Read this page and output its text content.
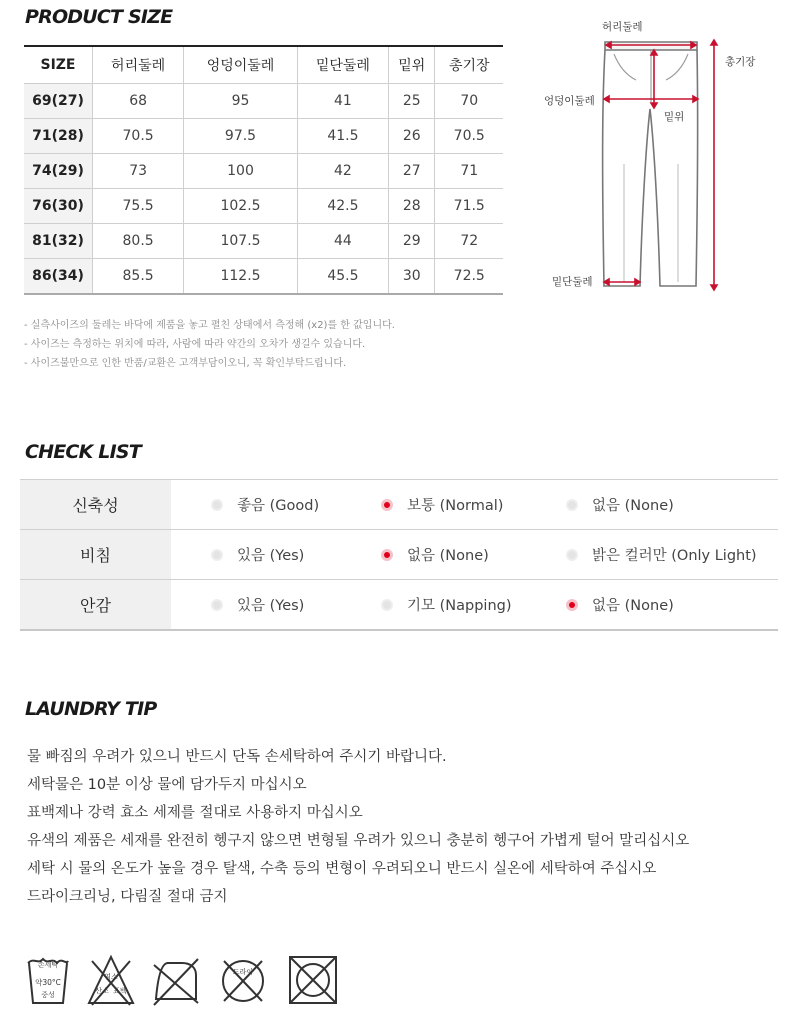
PRODUCT SIZE
SIZE	허리둘레	엉덩이둘레	밑단둘레	밑위	총기장
69(27)	68	95	41	25	70
71(28)	70.5	97.5	41.5	26	70.5
74(29)	73	100	42	27	71
76(30)	75.5	102.5	42.5	28	71.5
81(32)	80.5	107.5	44	29	72
86(34)	85.5	112.5	45.5	30	72.5
- 실측사이즈의 둘레는 바닥에 제품을 놓고 펼친 상태에서 측정해 (x2)를 한 값입니다.
- 사이즈는 측정하는 위치에 따라, 사람에 따라 약간의 오차가 생길수 있습니다.
- 사이즈불만으로 인한 반품/교환은 고객부담이오니, 꼭 확인부탁드립니다.
허리둘레
총기장
엉덩이둘레
밑위
밑단둘레
CHECK LIST
신축성	좋음 (Good)	보통 (Normal)	없음 (None)
비침	있음 (Yes)	없음 (None)	밝은 컬러만 (Only Light)
안감	있음 (Yes)	기모 (Napping)	없음 (None)
LAUNDRY TIP
물 빠짐의 우려가 있으니 반드시 단독 손세탁하여 주시기 바랍니다.
세탁물은 10분 이상 물에 담가두지 마십시오
표백제나 강력 효소 세제를 절대로 사용하지 마십시오
유색의 제품은 세재를 완전히 헹구지 않으면 변형될 우려가 있으니 충분히 헹구어 가볍게 털어 말리십시오
세탁 시 물의 온도가 높을 경우 탈색, 수축 등의 변형이 우려되오니 반드시 실온에 세탁하여 주십시오
드라이크리닝, 다림질 절대 금지
손세탁
약30°C
중성
염소
산소 표백
드라이
